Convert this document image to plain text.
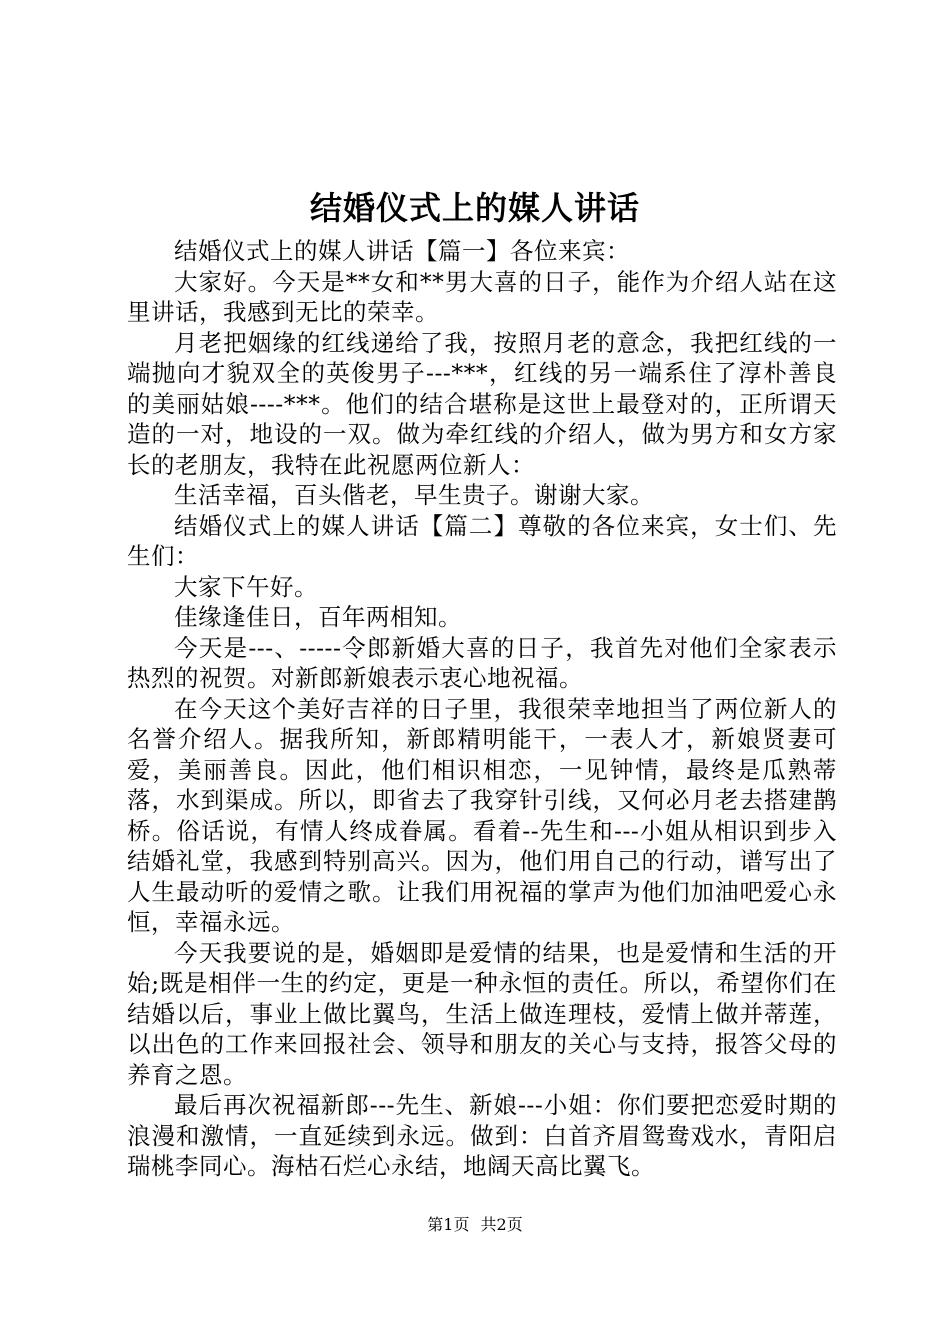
结婚仪式上的媒人讲话

结婚仪式上的媒人讲话【篇一】各位来宾：

大家好。今天是**女和**男大喜的日子，能作为介绍人站在这里讲话，我感到无比的荣幸。

月老把姻缘的红线递给了我，按照月老的意念，我把红线的一端抛向才貌双全的英俊男子---***，红线的另一端系住了淳朴善良的美丽姑娘----***。他们的结合堪称是这世上最登对的，正所谓天造的一对，地设的一双。做为牵红线的介绍人，做为男方和女方家长的老朋友，我特在此祝愿两位新人：

生活幸福，百头偕老，早生贵子。谢谢大家。

结婚仪式上的媒人讲话【篇二】尊敬的各位来宾，女士们、先生们：

大家下午好。

佳缘逢佳日，百年两相知。

今天是---、-----令郎新婚大喜的日子，我首先对他们全家表示热烈的祝贺。对新郎新娘表示衷心地祝福。

在今天这个美好吉祥的日子里，我很荣幸地担当了两位新人的名誉介绍人。据我所知，新郎精明能干，一表人才，新娘贤妻可爱，美丽善良。因此，他们相识相恋，一见钟情，最终是瓜熟蒂落，水到渠成。所以，即省去了我穿针引线，又何必月老去搭建鹊桥。俗话说，有情人终成眷属。看着--先生和---小姐从相识到步入结婚礼堂，我感到特别高兴。因为，他们用自己的行动，谱写出了人生最动听的爱情之歌。让我们用祝福的掌声为他们加油吧爱心永恒，幸福永远。

今天我要说的是，婚姻即是爱情的结果，也是爱情和生活的开始;既是相伴一生的约定，更是一种永恒的责任。所以，希望你们在结婚以后，事业上做比翼鸟，生活上做连理枝，爱情上做并蒂莲，以出色的工作来回报社会、领导和朋友的关心与支持，报答父母的养育之恩。

最后再次祝福新郎---先生、新娘---小姐：你们要把恋爱时期的浪漫和激情，一直延续到永远。做到：白首齐眉鸳鸯戏水，青阳启瑞桃李同心。海枯石烂心永结，地阔天高比翼飞。

第1页 共2页
